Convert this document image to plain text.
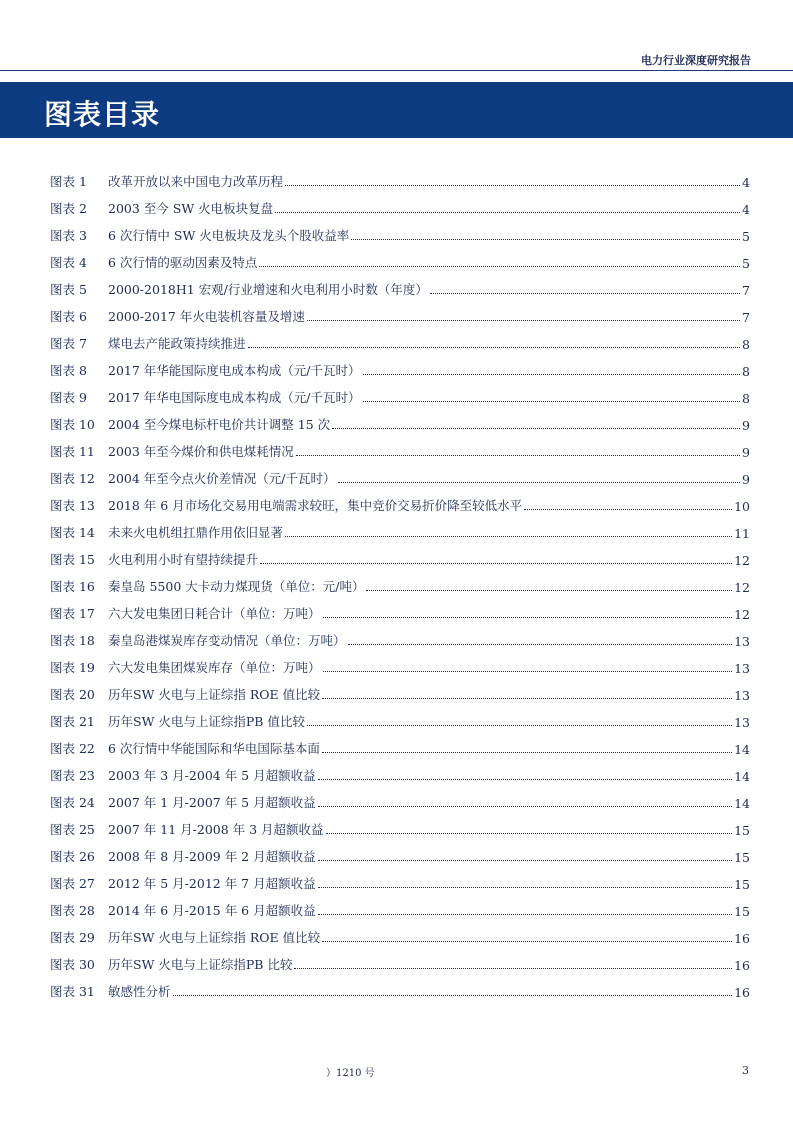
电力行业深度研究报告
图表目录
图表 1	改革开放以来中国电力改革历程	4
图表 2	2003 至今 SW 火电板块复盘	4
图表 3	6 次行情中 SW 火电板块及龙头个股收益率	5
图表 4	6 次行情的驱动因素及特点	5
图表 5	2000-2018H1 宏观/行业增速和火电利用小时数（年度）	7
图表 6	2000-2017 年火电装机容量及增速	7
图表 7	煤电去产能政策持续推进	8
图表 8	2017 年华能国际度电成本构成（元/千瓦时）	8
图表 9	2017 年华电国际度电成本构成（元/千瓦时）	8
图表 10	2004 至今煤电标杆电价共计调整 15 次	9
图表 11	2003 年至今煤价和供电煤耗情况	9
图表 12	2004 年至今点火价差情况（元/千瓦时）	9
图表 13	2018 年 6 月市场化交易用电端需求较旺，集中竞价交易折价降至较低水平	10
图表 14	未来火电机组扛鼎作用依旧显著	11
图表 15	火电利用小时有望持续提升	12
图表 16	秦皇岛 5500 大卡动力煤现货（单位：元/吨）	12
图表 17	六大发电集团日耗合计（单位：万吨）	12
图表 18	秦皇岛港煤炭库存变动情况（单位：万吨）	13
图表 19	六大发电集团煤炭库存（单位：万吨）	13
图表 20	历年SW 火电与上证综指 ROE 值比较	13
图表 21	历年SW 火电与上证综指PB 值比较	13
图表 22	6 次行情中华能国际和华电国际基本面	14
图表 23	2003 年 3 月-2004 年 5 月超额收益	14
图表 24	2007 年 1 月-2007 年 5 月超额收益	14
图表 25	2007 年 11 月-2008 年 3 月超额收益	15
图表 26	2008 年 8 月-2009 年 2 月超额收益	15
图表 27	2012 年 5 月-2012 年 7 月超额收益	15
图表 28	2014 年 6 月-2015 年 6 月超额收益	15
图表 29	历年SW 火电与上证综指 ROE 值比较	16
图表 30	历年SW 火电与上证综指PB 比较	16
图表 31	敏感性分析	16
）1210 号	3
